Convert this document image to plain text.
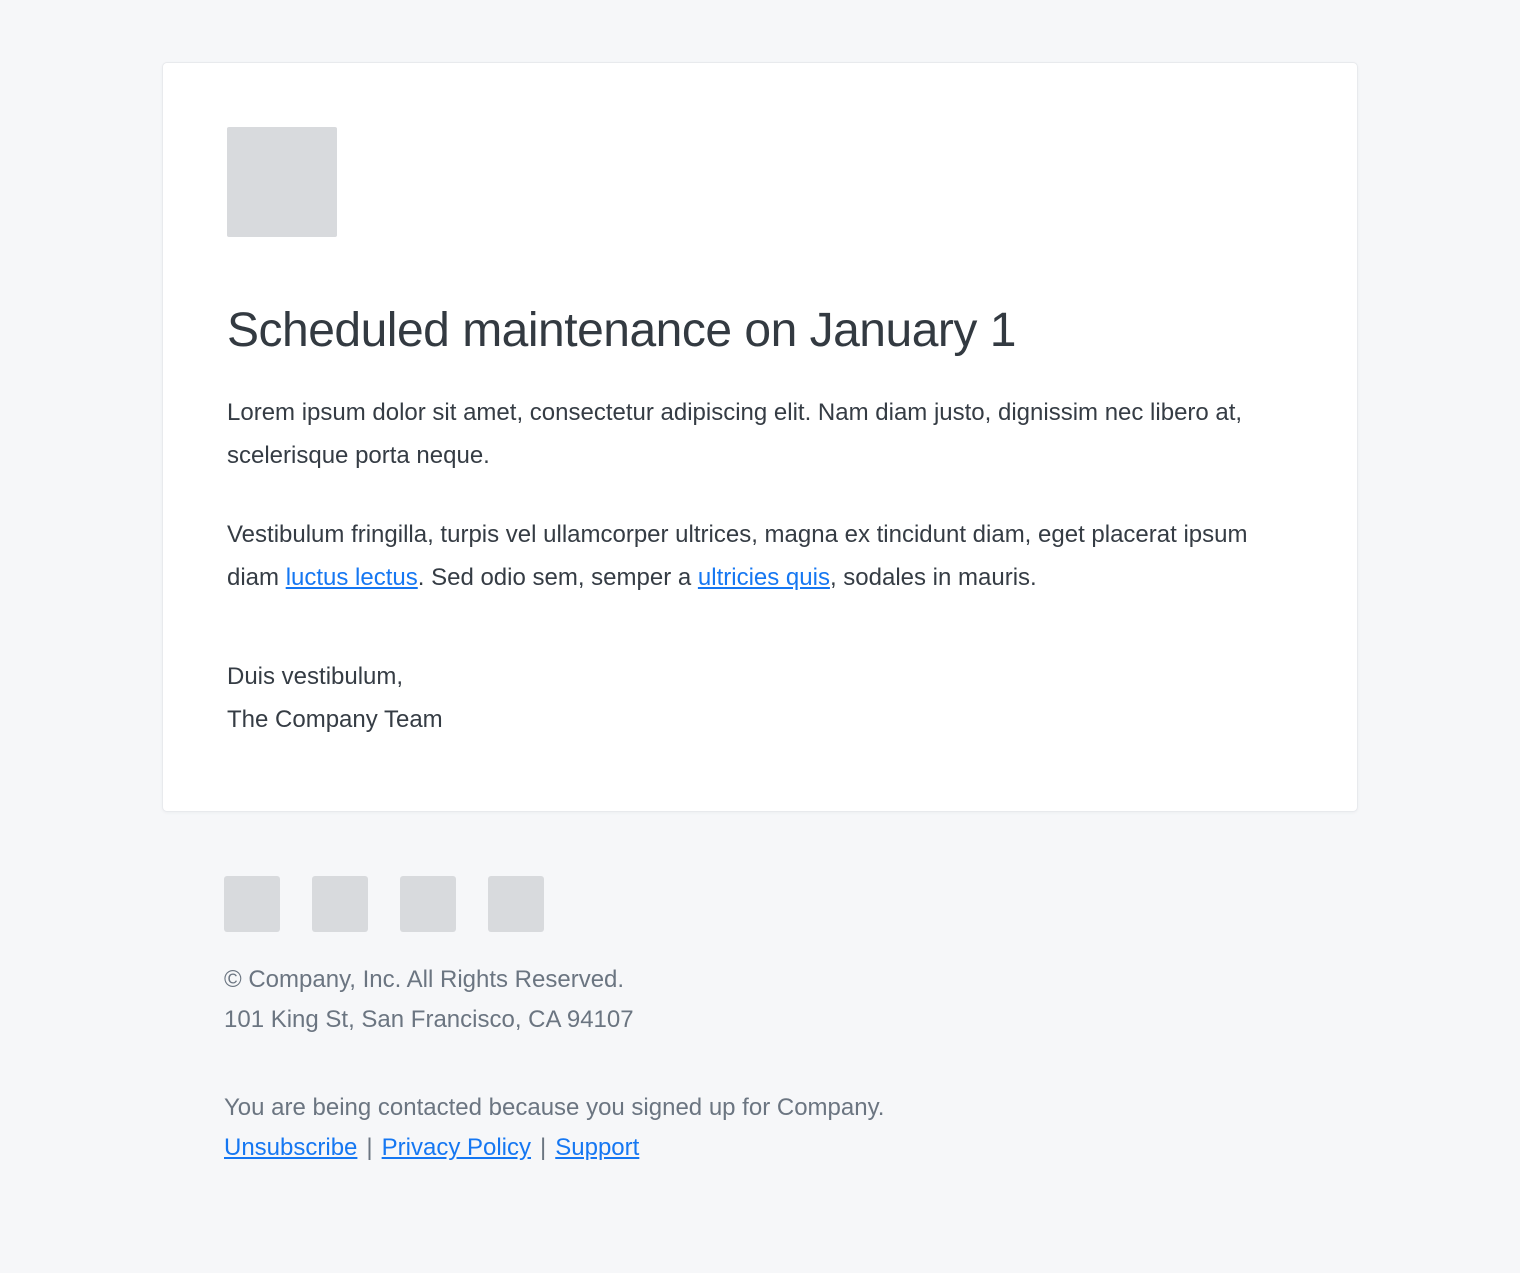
Scheduled maintenance on January 1

Lorem ipsum dolor sit amet, consectetur adipiscing elit. Nam diam justo, dignissim nec libero at, scelerisque porta neque.

Vestibulum fringilla, turpis vel ullamcorper ultrices, magna ex tincidunt diam, eget placerat ipsum diam luctus lectus. Sed odio sem, semper a ultricies quis, sodales in mauris.

Duis vestibulum,
The Company Team

© Company, Inc. All Rights Reserved.

101 King St, San Francisco, CA 94107

You are being contacted because you signed up for Company.

Unsubscribe | Privacy Policy | Support
